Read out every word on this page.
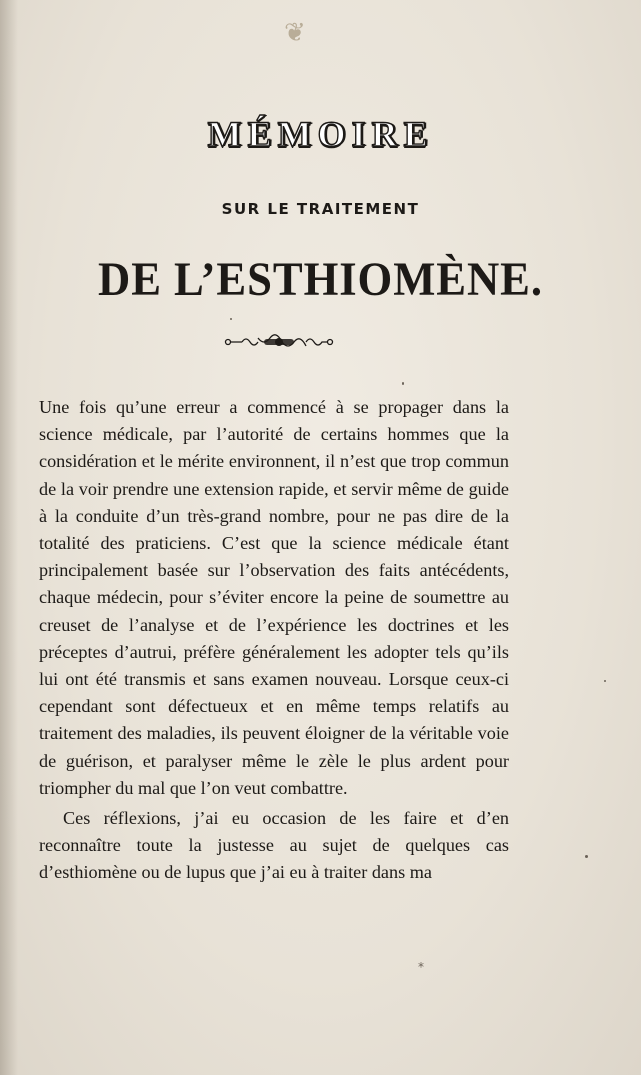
❦
MÉMOIRE
SUR LE TRAITEMENT
DE L’ESTHIOMÈNE.

Une fois qu’une erreur a commencé à se propager dans la science médicale, par l’autorité de certains hommes que la considération et le mérite environnent, il n’est que trop commun de la voir prendre une extension rapide, et servir même de guide à la conduite d’un très-grand nombre, pour ne pas dire de la totalité des praticiens. C’est que la science médicale étant principalement basée sur l’observation des faits antécédents, chaque médecin, pour s’éviter encore la peine de soumettre au creuset de l’analyse et de l’expérience les doctrines et les préceptes d’autrui, préfère généralement les adopter tels qu’ils lui ont été transmis et sans examen nouveau. Lorsque ceux-ci cependant sont défectueux et en même temps relatifs au traitement des maladies, ils peuvent éloigner de la véritable voie de guérison, et paralyser même le zèle le plus ardent pour triompher du mal que l’on veut combattre.

Ces réflexions, j’ai eu occasion de les faire et d’en reconnaître toute la justesse au sujet de quelques cas d’esthiomène ou de lupus que j’ai eu à traiter dans ma

*
